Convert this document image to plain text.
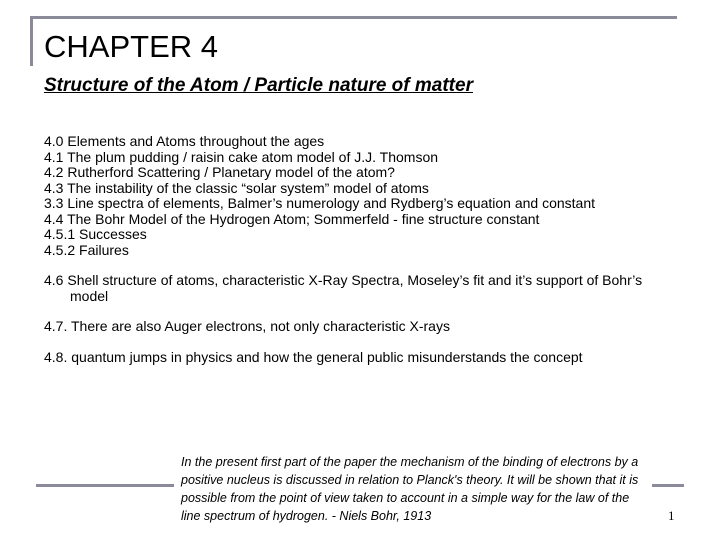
CHAPTER 4
Structure of the Atom / Particle nature of matter
4.0 Elements and Atoms throughout the ages
4.1 The plum pudding / raisin cake atom model of J.J. Thomson
4.2 Rutherford Scattering / Planetary model of the atom?
4.3 The instability of the classic “solar system” model of atoms
3.3 Line spectra of elements, Balmer’s numerology and Rydberg’s equation and constant
4.4 The Bohr Model of the Hydrogen Atom; Sommerfeld - fine structure constant
4.5.1 Successes
4.5.2 Failures
4.6 Shell structure of atoms, characteristic X-Ray Spectra, Moseley’s fit and it’s support of Bohr’s model
4.7. There are also Auger electrons, not only characteristic X-rays
4.8. quantum jumps in physics and how the general public misunderstands the concept
In the present first part of the paper the mechanism of the binding of electrons by a positive nucleus is discussed in relation to Planck's theory. It will be shown that it is possible from the point of view taken to account in a simple way for the law of the line spectrum of hydrogen. - Niels Bohr, 1913	1
